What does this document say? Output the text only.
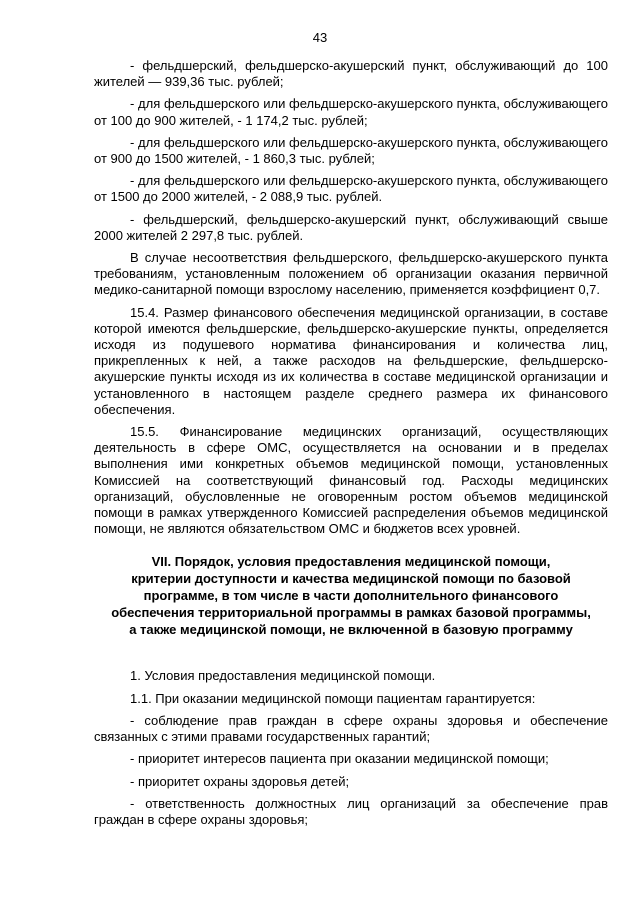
43

- фельдшерский, фельдшерско-акушерский пункт, обслуживающий до 100 жителей — 939,36 тыс. рублей;

- для фельдшерского или фельдшерско-акушерского пункта, обслуживающего от 100 до 900 жителей, - 1 174,2 тыс. рублей;

- для фельдшерского или фельдшерско-акушерского пункта, обслуживающего от 900 до 1500 жителей, - 1 860,3 тыс. рублей;

- для фельдшерского или фельдшерско-акушерского пункта, обслуживающего от 1500 до 2000 жителей, - 2 088,9 тыс. рублей.

- фельдшерский, фельдшерско-акушерский пункт, обслуживающий свыше 2000 жителей 2 297,8 тыс. рублей.

В случае несоответствия фельдшерского, фельдшерско-акушерского пункта требованиям, установленным положением об организации оказания первичной медико-санитарной помощи взрослому населению, применяется коэффициент 0,7.

15.4. Размер финансового обеспечения медицинской организации, в составе которой имеются фельдшерские, фельдшерско-акушерские пункты, определяется исходя из подушевого норматива финансирования и количества лиц, прикрепленных к ней, а также расходов на фельдшерские, фельдшерско-акушерские пункты исходя из их количества в составе медицинской организации и установленного в настоящем разделе среднего размера их финансового обеспечения.

15.5. Финансирование медицинских организаций, осуществляющих деятельность в сфере ОМС, осуществляется на основании и в пределах выполнения ими конкретных объемов медицинской помощи, установленных Комиссией на соответствующий финансовый год. Расходы медицинских организаций, обусловленные не оговоренным ростом объемов медицинской помощи в рамках утвержденного Комиссией распределения объемов медицинской помощи, не являются обязательством ОМС и бюджетов всех уровней.

VII. Порядок, условия предоставления медицинской помощи,
критерии доступности и качества медицинской помощи по базовой
программе, в том числе в части дополнительного финансового
обеспечения территориальной программы в рамках базовой программы,
а также медицинской помощи, не включенной в базовую программу

1. Условия предоставления медицинской помощи.

1.1. При оказании медицинской помощи пациентам гарантируется:

- соблюдение прав граждан в сфере охраны здоровья и обеспечение связанных с этими правами государственных гарантий;

- приоритет интересов пациента при оказании медицинской помощи;

- приоритет охраны здоровья детей;

- ответственность должностных лиц организаций за обеспечение прав граждан в сфере охраны здоровья;
